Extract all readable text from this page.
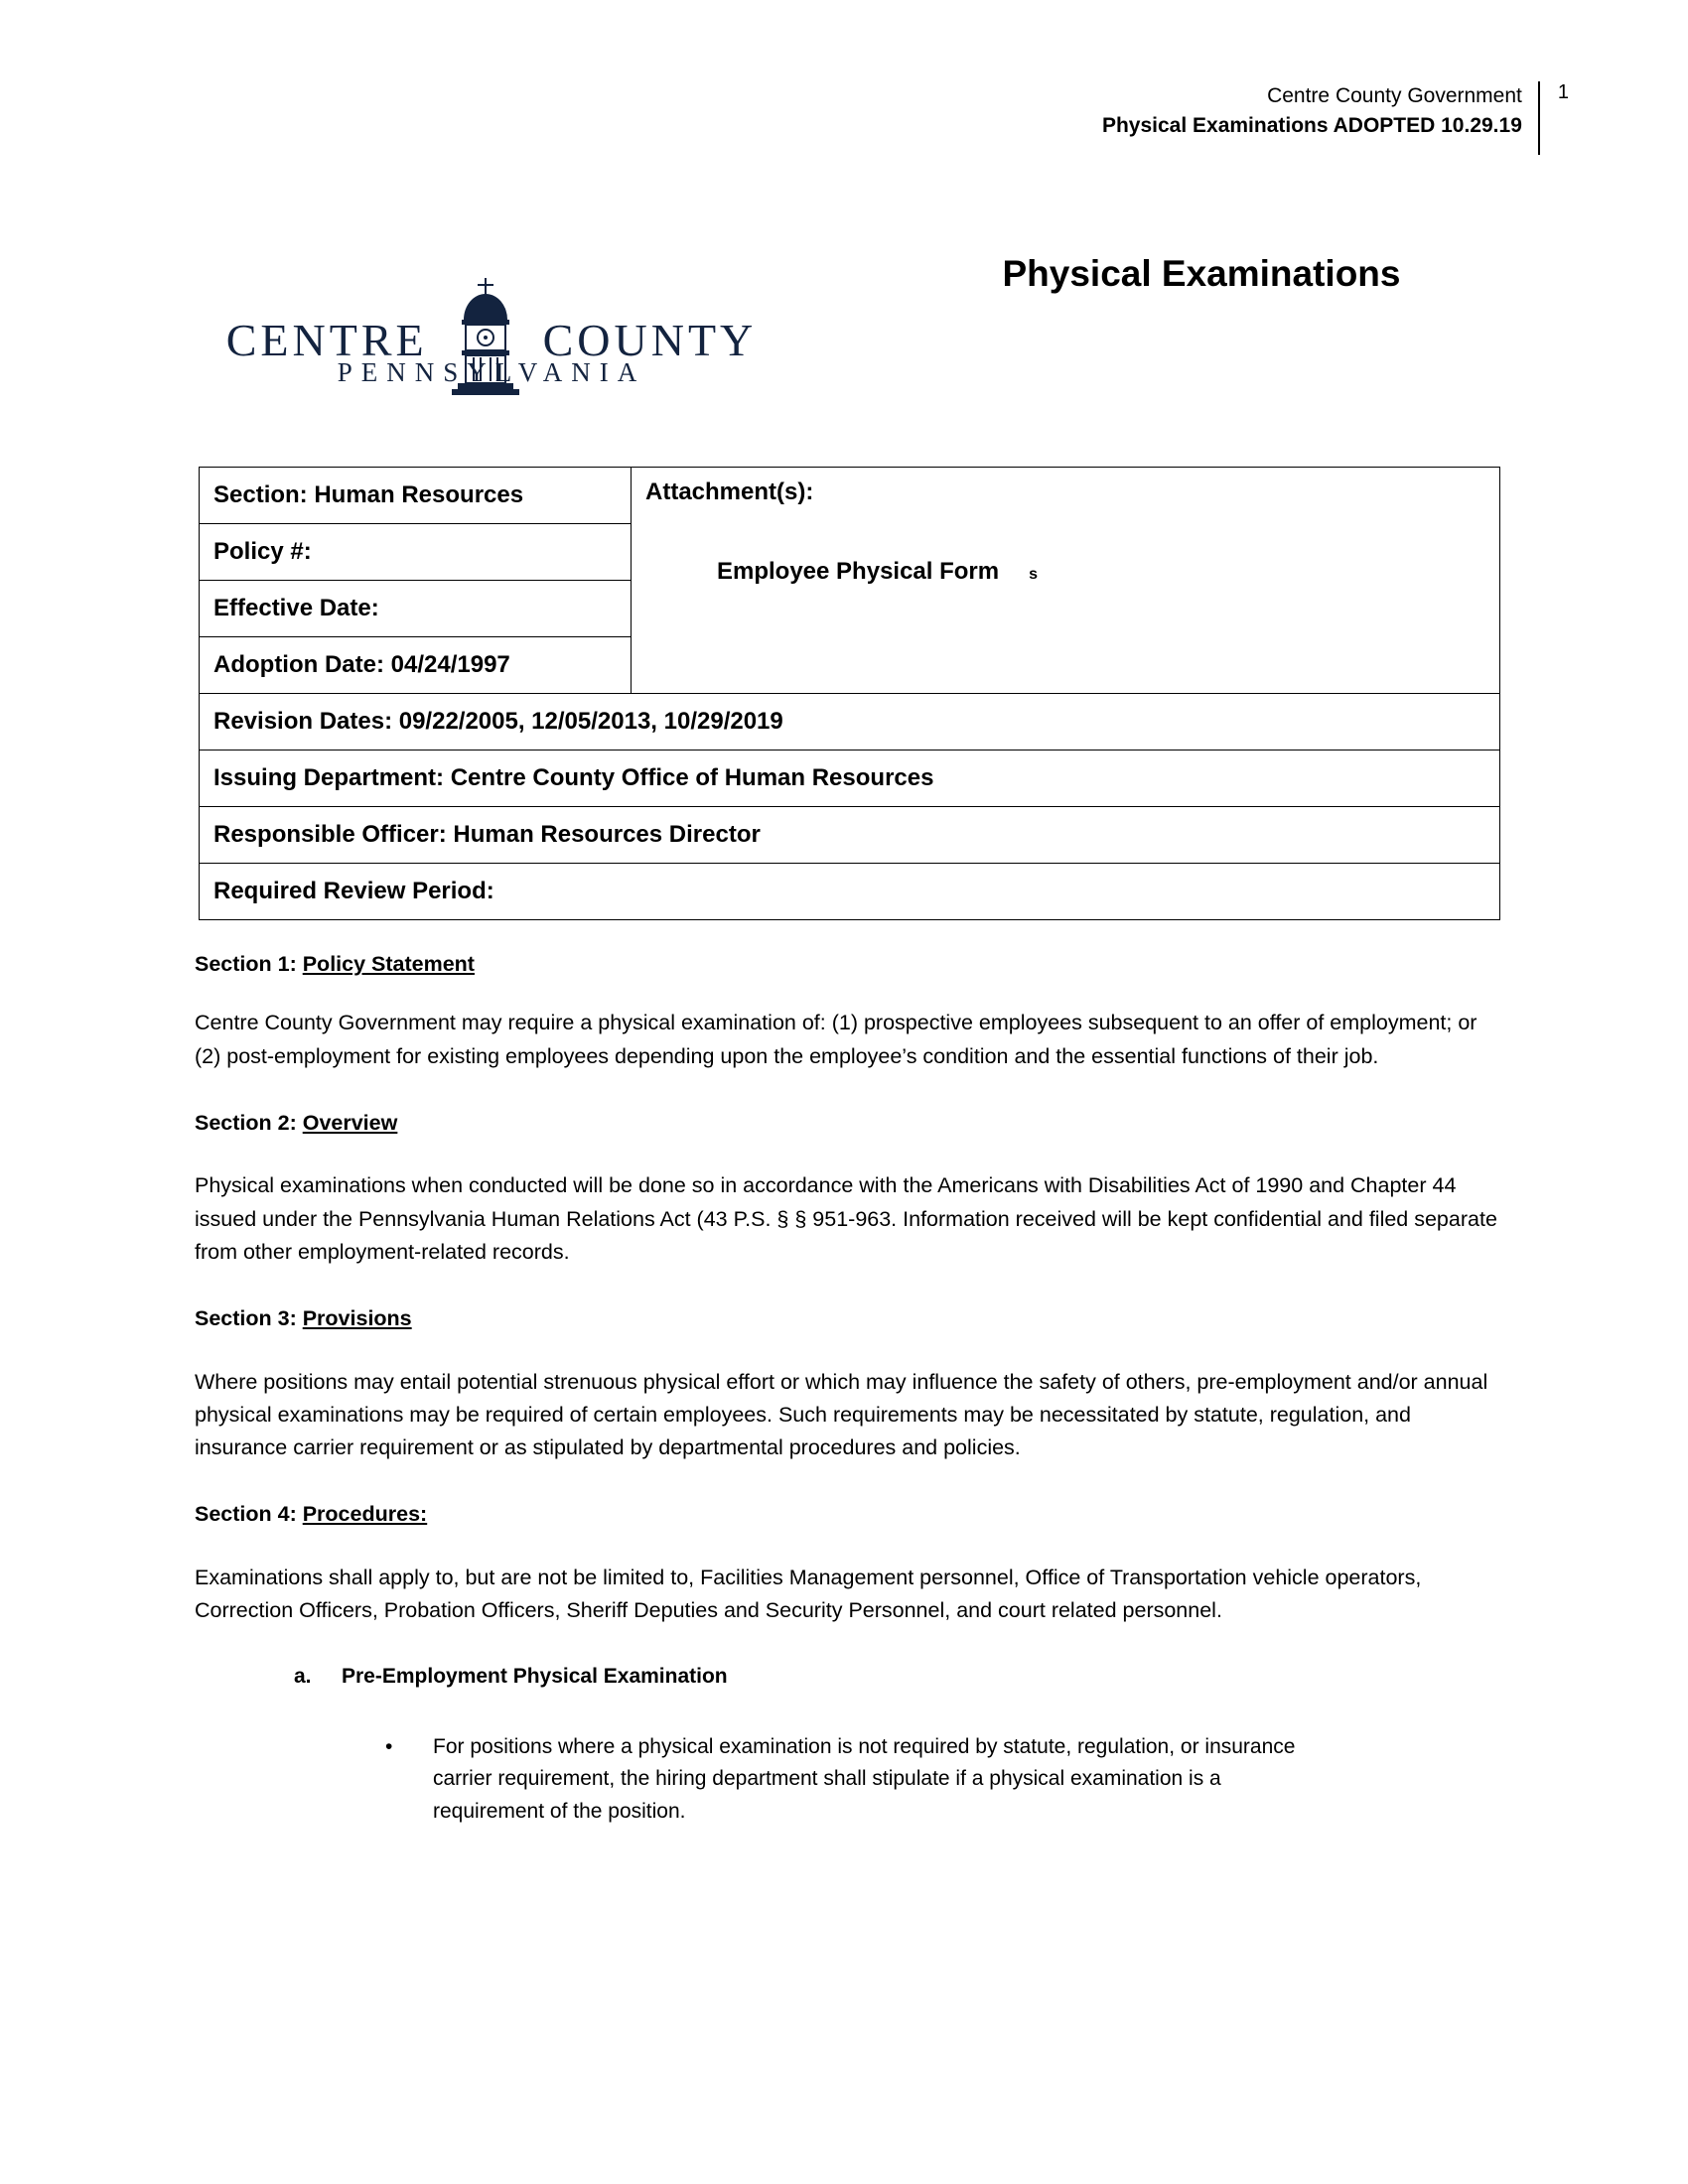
Centre County Government
Physical Examinations ADOPTED 10.29.19
1
CENTRE	COUNTY
PENNSYLVANIA
Physical Examinations
Section: Human Resources	Attachment(s):
Employee Physical Form s

Policy #:
Effective Date:
Adoption Date: 04/24/1997
Revision Dates: 09/22/2005, 12/05/2013, 10/29/2019
Issuing Department: Centre County Office of Human Resources
Responsible Officer: Human Resources Director
Required Review Period:
Section 1: Policy Statement

Centre County Government may require a physical examination of: (1) prospective employees subsequent to an offer of employment; or (2) post-employment for existing employees depending upon the employee’s condition and the essential functions of their job.

Section 2: Overview

Physical examinations when conducted will be done so in accordance with the Americans with Disabilities Act of 1990 and Chapter 44 issued under the Pennsylvania Human Relations Act (43 P.S. § § 951-963. Information received will be kept confidential and filed separate from other employment-related records.

Section 3: Provisions

Where positions may entail potential strenuous physical effort or which may influence the safety of others, pre-employment and/or annual physical examinations may be required of certain employees. Such requirements may be necessitated by statute, regulation, and insurance carrier requirement or as stipulated by departmental procedures and policies.

Section 4: Procedures:

Examinations shall apply to, but are not be limited to, Facilities Management personnel, Office of Transportation vehicle operators, Correction Officers, Probation Officers, Sheriff Deputies and Security Personnel, and court related personnel.

a.	Pre-Employment Physical Examination
•	For positions where a physical examination is not required by statute, regulation, or insurance carrier requirement, the hiring department shall stipulate if a physical examination is a requirement of the position.
